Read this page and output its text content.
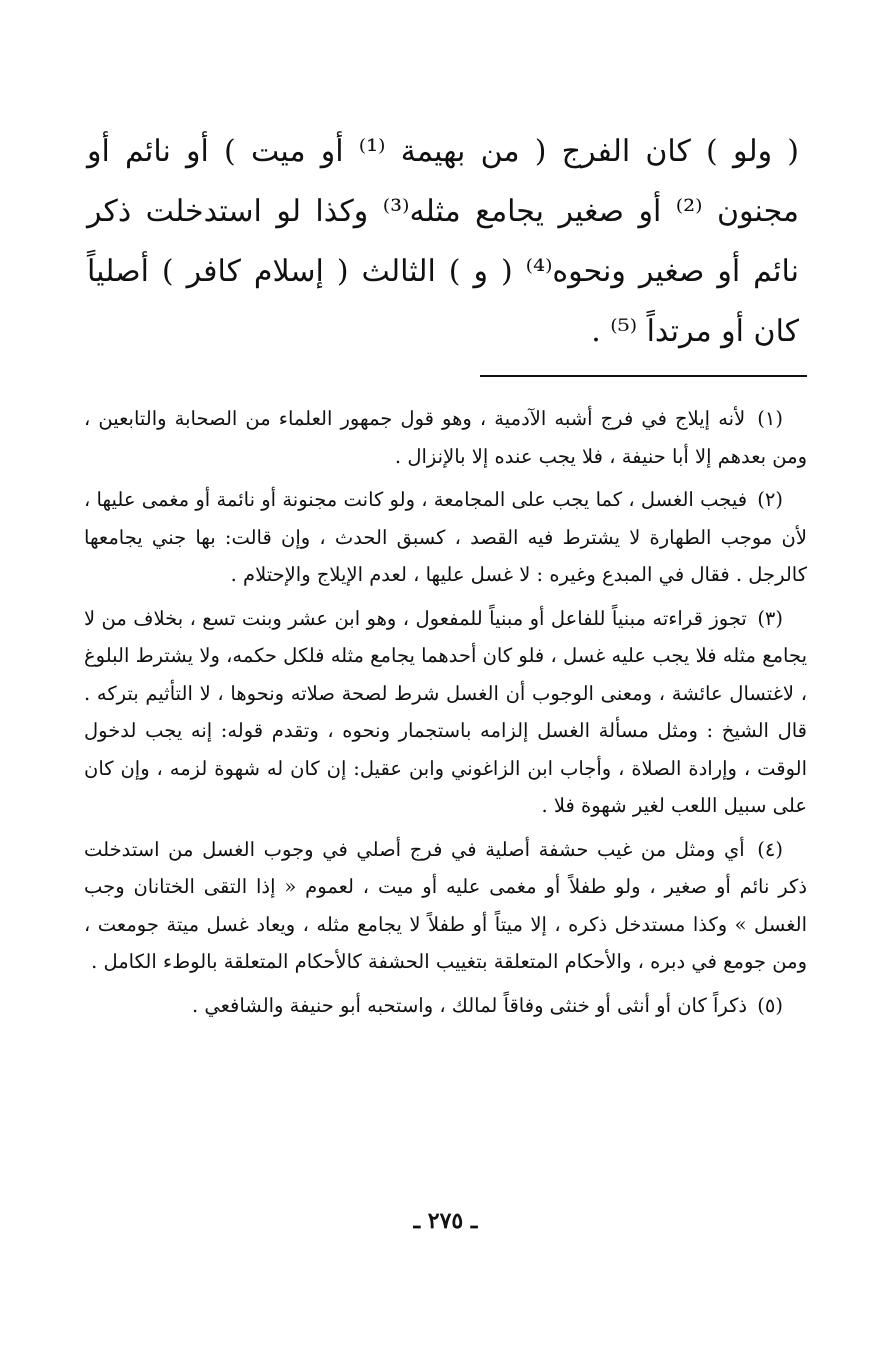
( ولو ) كان الفرج ( من بهيمة ⁽¹⁾ أو ميت ) أو نائم أو مجنون ⁽²⁾ أو صغير يجامع مثله⁽³⁾ وكذا لو استدخلت ذكر نائم أو صغير ونحوه⁽⁴⁾ ( و ) الثالث ( إسلام كافر ) أصلياً كان أو مرتداً ⁽⁵⁾ .

(١) لأنه إيلاج في فرج أشبه الآدمية ، وهو قول جمهور العلماء من الصحابة والتابعين ، ومن بعدهم إلا أبا حنيفة ، فلا يجب عنده إلا بالإنزال .

(٢) فيجب الغسل ، كما يجب على المجامعة ، ولو كانت مجنونة أو نائمة أو مغمى عليها ، لأن موجب الطهارة لا يشترط فيه القصد ، كسبق الحدث ، وإن قالت: بها جني يجامعها كالرجل . فقال في المبدع وغيره : لا غسل عليها ، لعدم الإيلاج والإحتلام .

(٣) تجوز قراءته مبنياً للفاعل أو مبنياً للمفعول ، وهو ابن عشر وبنت تسع ، بخلاف من لا يجامع مثله فلا يجب عليه غسل ، فلو كان أحدهما يجامع مثله فلكل حكمه، ولا يشترط البلوغ ، لاغتسال عائشة ، ومعنى الوجوب أن الغسل شرط لصحة صلاته ونحوها ، لا التأثيم بتركه . قال الشيخ : ومثل مسألة الغسل إلزامه باستجمار ونحوه ، وتقدم قوله: إنه يجب لدخول الوقت ، وإرادة الصلاة ، وأجاب ابن الزاغوني وابن عقيل: إن كان له شهوة لزمه ، وإن كان على سبيل اللعب لغير شهوة فلا .

(٤) أي ومثل من غيب حشفة أصلية في فرج أصلي في وجوب الغسل من استدخلت ذكر نائم أو صغير ، ولو طفلاً أو مغمى عليه أو ميت ، لعموم « إذا التقى الختانان وجب الغسل » وكذا مستدخل ذكره ، إلا ميتاً أو طفلاً لا يجامع مثله ، ويعاد غسل ميتة جومعت ، ومن جومع في دبره ، والأحكام المتعلقة بتغييب الحشفة كالأحكام المتعلقة بالوطء الكامل .

(٥) ذكراً كان أو أنثى أو خنثى وفاقاً لمالك ، واستحبه أبو حنيفة والشافعي .

ـ ٢٧٥ ـ
